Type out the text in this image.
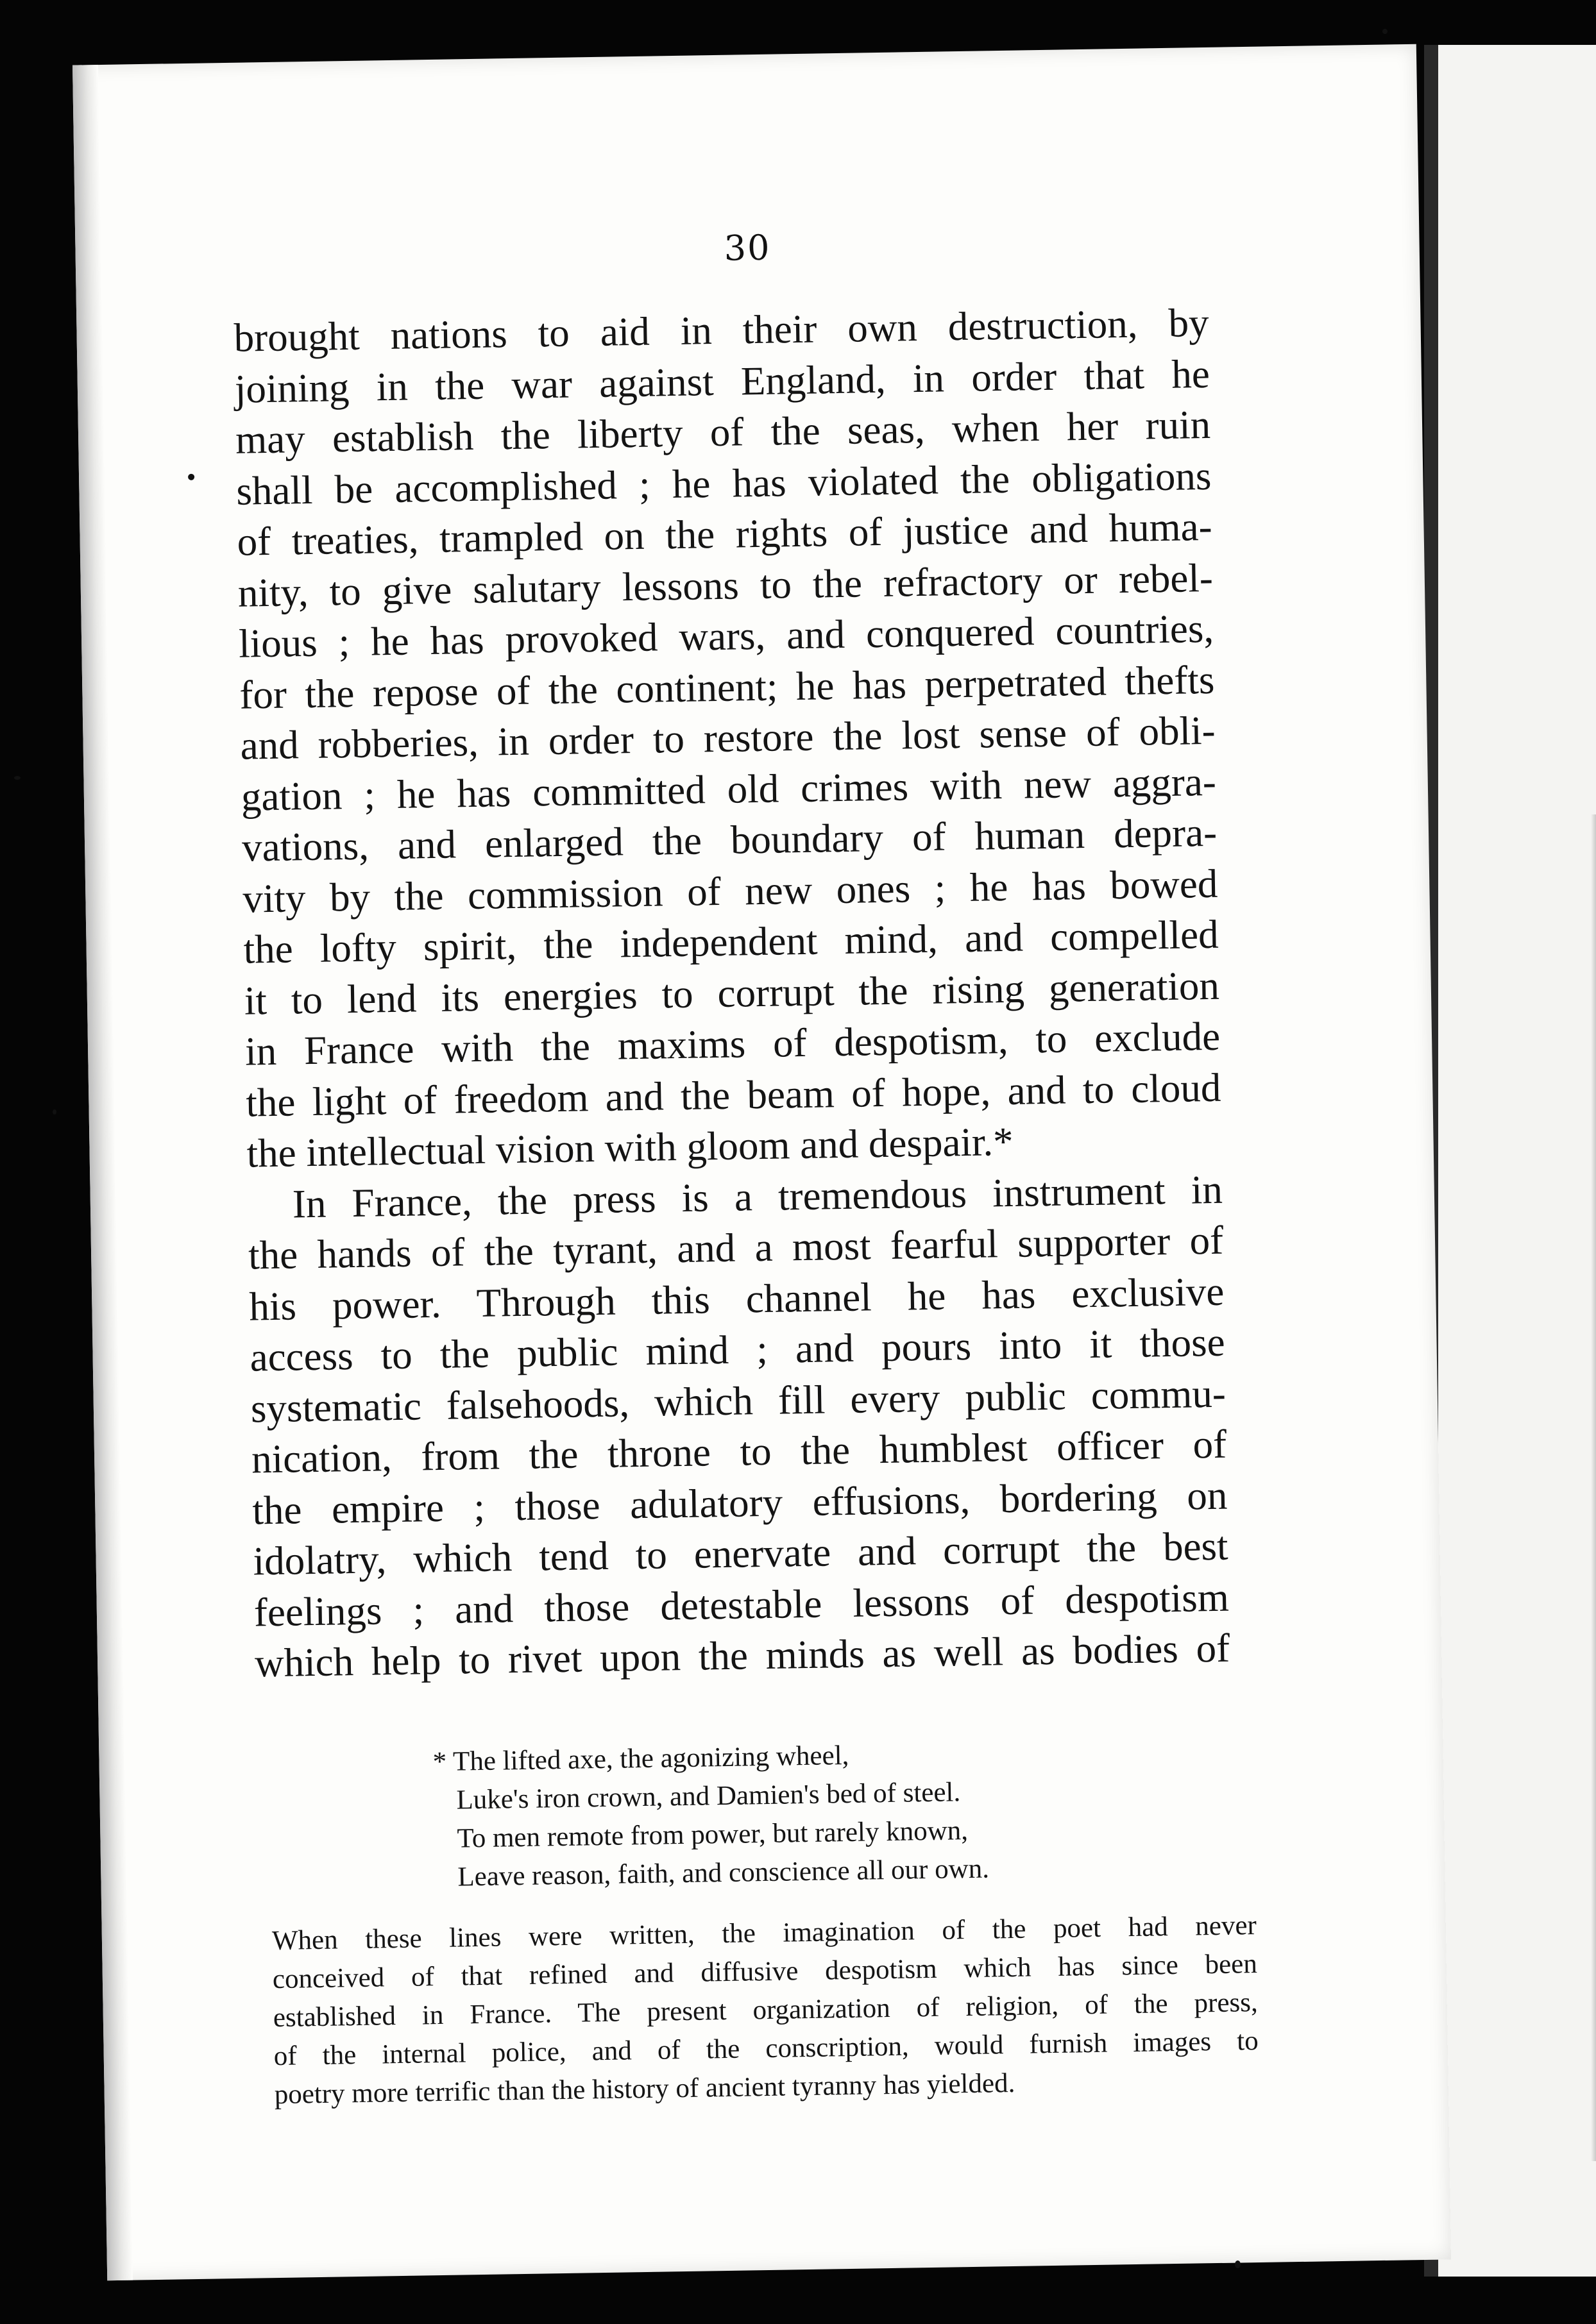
30
brought nations to aid in their own destruction, by
joining in the war against England, in order that he
may establish the liberty of the seas, when her ruin
shall be accomplished ; he has violated the obligations
of treaties, trampled on the rights of justice and huma-
nity, to give salutary lessons to the refractory or rebel-
lious ; he has provoked wars, and conquered countries,
for the repose of the continent; he has perpetrated thefts
and robberies, in order to restore the lost sense of obli-
gation ; he has committed old crimes with new aggra-
vations, and enlarged the boundary of human depra-
vity by the commission of new ones ; he has bowed
the lofty spirit, the independent mind, and compelled
it to lend its energies to corrupt the rising generation
in France with the maxims of despotism, to exclude
the light of freedom and the beam of hope, and to cloud
the intellectual vision with gloom and despair.*
In France, the press is a tremendous instrument in
the hands of the tyrant, and a most fearful supporter of
his power. Through this channel he has exclusive
access to the public mind ; and pours into it those
systematic falsehoods, which fill every public commu-
nication, from the throne to the humblest officer of
the empire ; those adulatory effusions, bordering on
idolatry, which tend to enervate and corrupt the best
feelings ; and those detestable lessons of despotism
which help to rivet upon the minds as well as bodies of
* The lifted axe, the agonizing wheel,
Luke's iron crown, and Damien's bed of steel.
To men remote from power, but rarely known,
Leave reason, faith, and conscience all our own.
When these lines were written, the imagination of the poet had never
conceived of that refined and diffusive despotism which has since been
established in France. The present organization of religion, of the press,
of the internal police, and of the conscription, would furnish images to
poetry more terrific than the history of ancient tyranny has yielded.
